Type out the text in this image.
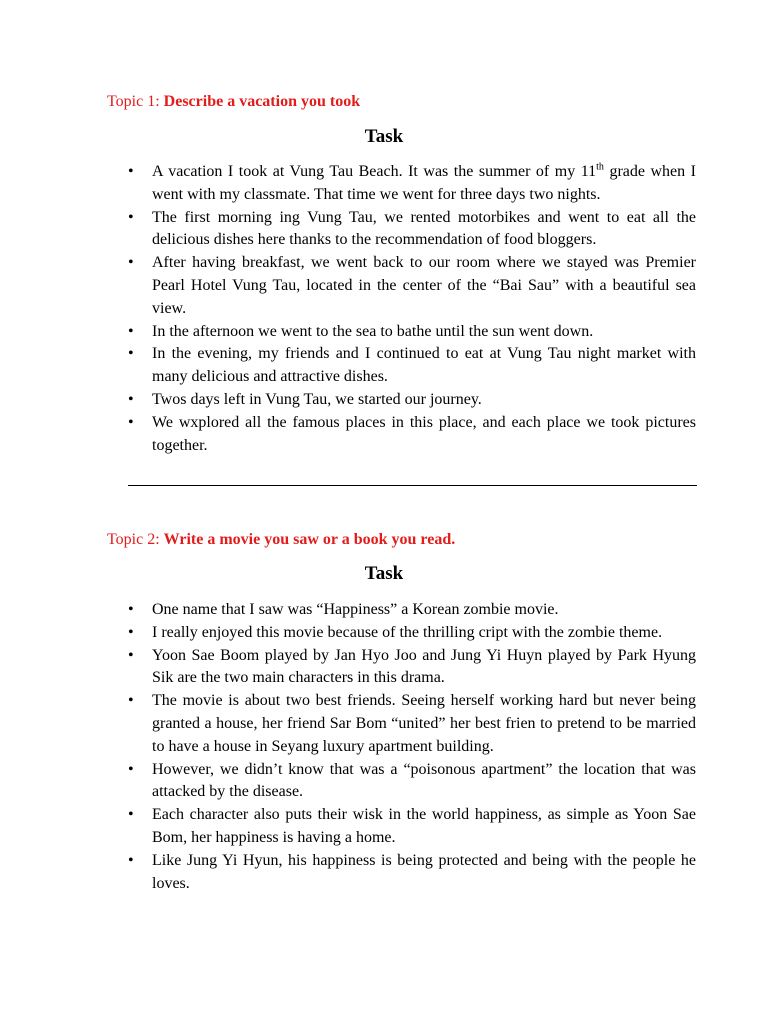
Topic 1: Describe a vacation you took
Task
• A vacation I took at Vung Tau Beach. It was the summer of my 11th grade when I went with my classmate. That time we went for three days two nights.
• The first morning ing Vung Tau, we rented motorbikes and went to eat all the delicious dishes here thanks to the recommendation of food bloggers.
• After having breakfast, we went back to our room where we stayed was Premier Pearl Hotel Vung Tau, located in the center of the “Bai Sau” with a beautiful sea view.
• In the afternoon we went to the sea to bathe until the sun went down.
• In the evening, my friends and I continued to eat at Vung Tau night market with many delicious and attractive dishes.
• Twos days left in Vung Tau, we started our journey.
• We wxplored all the famous places in this place, and each place we took pictures together.
Topic 2: Write a movie you saw or a book you read.
Task
• One name that I saw was “Happiness” a Korean zombie movie.
• I really enjoyed this movie because of the thrilling cript with the zombie theme.
• Yoon Sae Boom played by Jan Hyo Joo and Jung Yi Huyn played by Park Hyung Sik are the two main characters in this drama.
• The movie is about two best friends. Seeing herself working hard but never being granted a house, her friend Sar Bom “united” her best frien to pretend to be married to have a house in Seyang luxury apartment building.
• However, we didn’t know that was a “poisonous apartment” the location that was attacked by the disease.
• Each character also puts their wisk in the world happiness, as simple as Yoon Sae Bom, her happiness is having a home.
• Like Jung Yi Hyun, his happiness is being protected and being with the people he loves.
